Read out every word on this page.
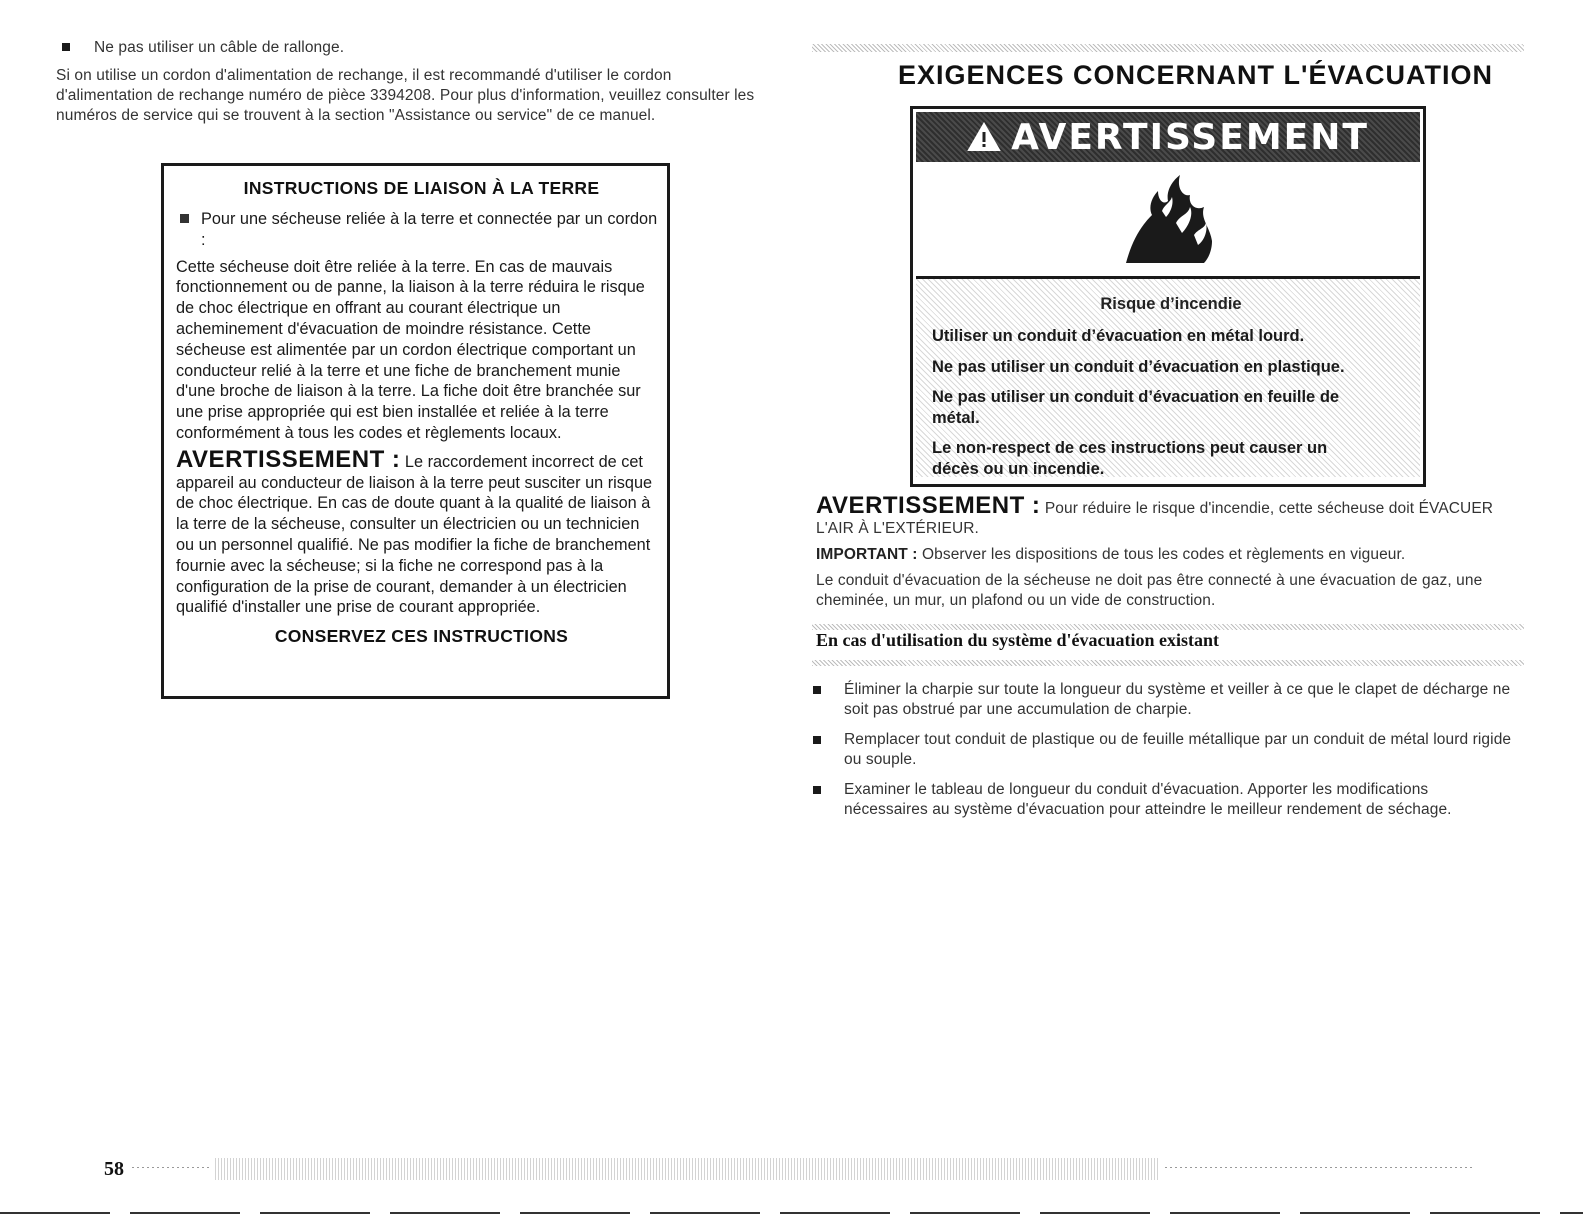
Ne pas utiliser un câble de rallonge.
Si on utilise un cordon d'alimentation de rechange, il est recommandé d'utiliser le cordon d'alimentation de rechange numéro de pièce 3394208. Pour plus d'information, veuillez consulter les numéros de service qui se trouvent à la section "Assistance ou service" de ce manuel.
INSTRUCTIONS DE LIAISON À LA TERRE
Pour une sécheuse reliée à la terre et connectée par un cordon :
Cette sécheuse doit être reliée à la terre. En cas de mauvais fonctionnement ou de panne, la liaison à la terre réduira le risque de choc électrique en offrant au courant électrique un acheminement d'évacuation de moindre résistance. Cette sécheuse est alimentée par un cordon électrique comportant un conducteur relié à la terre et une fiche de branchement munie d'une broche de liaison à la terre. La fiche doit être branchée sur une prise appropriée qui est bien installée et reliée à la terre conformément à tous les codes et règlements locaux.
AVERTISSEMENT : Le raccordement incorrect de cet appareil au conducteur de liaison à la terre peut susciter un risque de choc électrique. En cas de doute quant à la qualité de liaison à la terre de la sécheuse, consulter un électricien ou un technicien ou un personnel qualifié. Ne pas modifier la fiche de branchement fournie avec la sécheuse; si la fiche ne correspond pas à la configuration de la prise de courant, demander à un électricien qualifié d'installer une prise de courant appropriée.
CONSERVEZ CES INSTRUCTIONS
EXIGENCES CONCERNANT L'ÉVACUATION
AVERTISSEMENT
Risque d’incendie
Utiliser un conduit d’évacuation en métal lourd.
Ne pas utiliser un conduit d’évacuation en plastique.
Ne pas utiliser un conduit d’évacuation en feuille de métal.
Le non-respect de ces instructions peut causer un décès ou un incendie.
AVERTISSEMENT : Pour réduire le risque d'incendie, cette sécheuse doit ÉVACUER L'AIR À L'EXTÉRIEUR.
IMPORTANT : Observer les dispositions de tous les codes et règlements en vigueur.
Le conduit d'évacuation de la sécheuse ne doit pas être connecté à une évacuation de gaz, une cheminée, un mur, un plafond ou un vide de construction.
En cas d'utilisation du système d'évacuation existant
Éliminer la charpie sur toute la longueur du système et veiller à ce que le clapet de décharge ne soit pas obstrué par une accumulation de charpie.
Remplacer tout conduit de plastique ou de feuille métallique par un conduit de métal lourd rigide ou souple.
Examiner le tableau de longueur du conduit d'évacuation. Apporter les modifications nécessaires au système d'évacuation pour atteindre le meilleur rendement de séchage.
58
